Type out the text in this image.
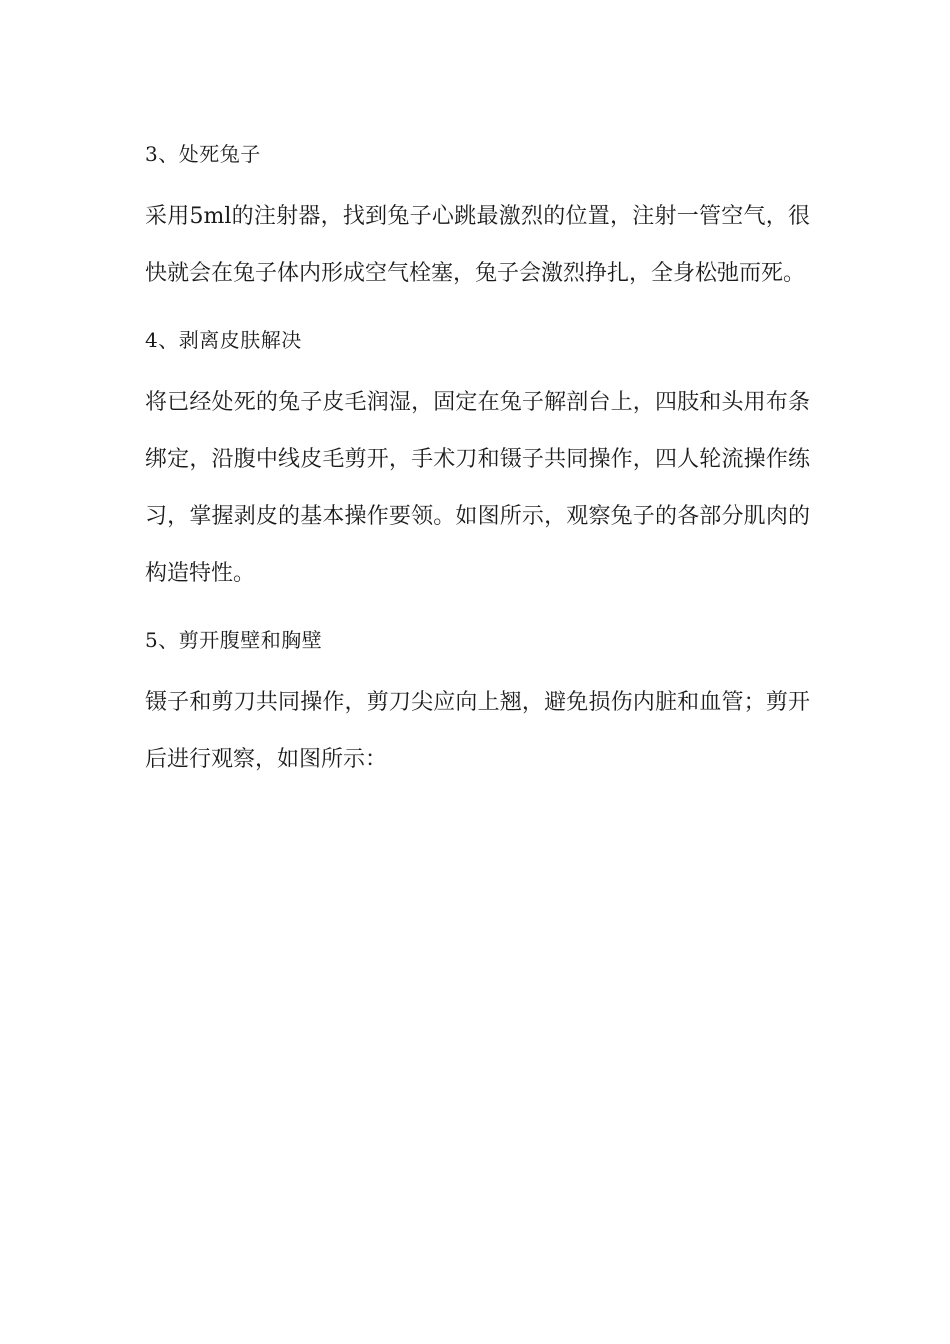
3、处死兔子
采用5ml的注射器，找到兔子心跳最激烈的位置，注射一管空气，很快就会在兔子体内形成空气栓塞，兔子会激烈挣扎，全身松弛而死。
4、剥离皮肤解决
将已经处死的兔子皮毛润湿，固定在兔子解剖台上，四肢和头用布条绑定，沿腹中线皮毛剪开，手术刀和镊子共同操作，四人轮流操作练习，掌握剥皮的基本操作要领。如图所示，观察兔子的各部分肌肉的构造特性。
5、剪开腹壁和胸壁
镊子和剪刀共同操作，剪刀尖应向上翘，避免损伤内脏和血管；剪开后进行观察，如图所示：
